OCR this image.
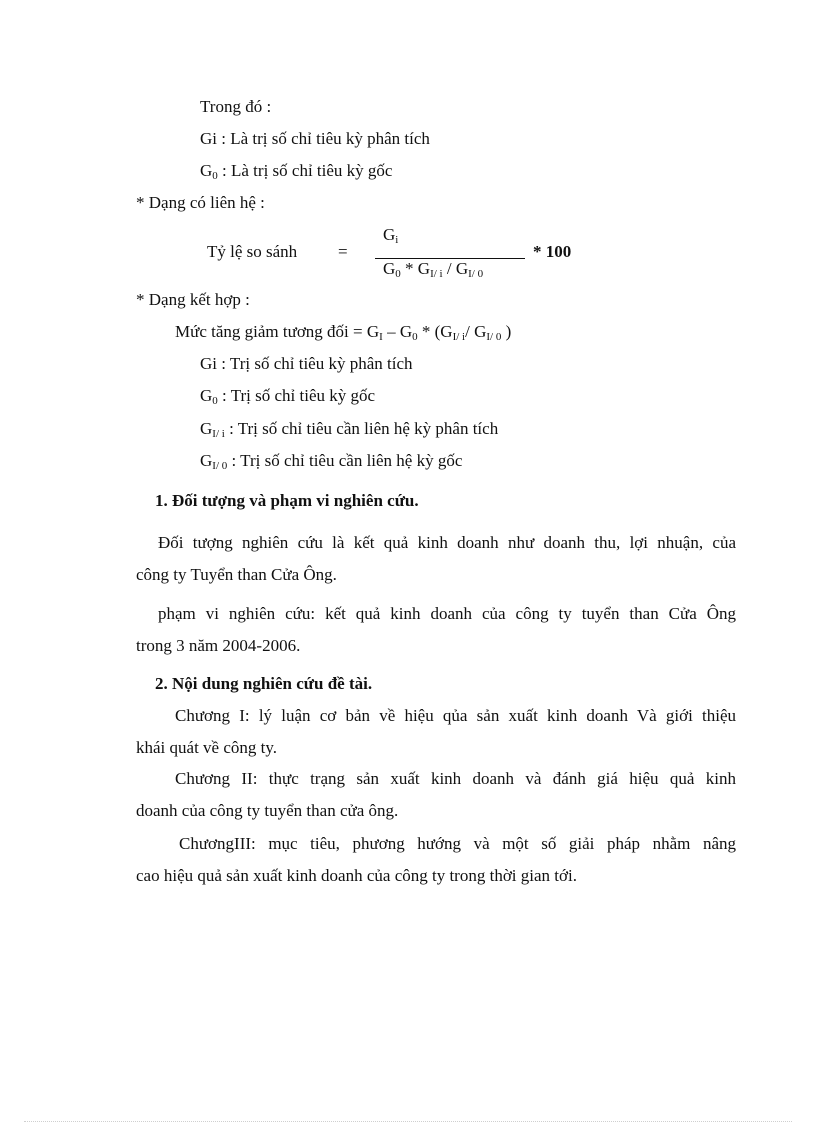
Trong đó :
Gi : Là trị số chỉ tiêu kỳ phân tích
$G_0$ : Là trị số chỉ tiêu kỳ gốc
* Dạng có liên hệ :
Tỷ lệ so sánh =
$G_i$
$G_0 * G_{I/ i} / G_{I/ 0}$
* 100
* Dạng kết hợp :
Mức tăng giảm tương đối = $G_I - G_0 * (G_{I/ i}/$ $G_{I/ 0}$ )
Gi : Trị số chỉ tiêu kỳ phân tích
$G_0$ : Trị số chỉ tiêu kỳ gốc
$G_{I/ i}$ : Trị số chỉ tiêu cần liên hệ kỳ phân tích
$G_{I/ 0}$ : Trị số chỉ tiêu cần liên hệ kỳ gốc
1. Đối tượng và phạm vi nghiên cứu.
Đối tượng nghiên cứu là kết quả kinh doanh như doanh thu, lợi nhuận, của
công ty Tuyển than Cửa Ông.
phạm vi nghiên cứu: kết quả kinh doanh của công ty tuyển than Cửa Ông
trong 3 năm 2004-2006.
2. Nội dung nghiên cứu đề tài.
Chương I: lý luận cơ bản về hiệu qủa sản xuất kinh doanh Và giới thiệu
khái quát về công ty.
Chương II: thực trạng sản xuất kinh doanh và đánh giá hiệu quả kinh
doanh của công ty tuyển than cửa ông.
ChươngIII: mục tiêu, phương hướng và một số giải pháp nhằm nâng
cao hiệu quả sản xuất kinh doanh của công ty trong thời gian tới.
